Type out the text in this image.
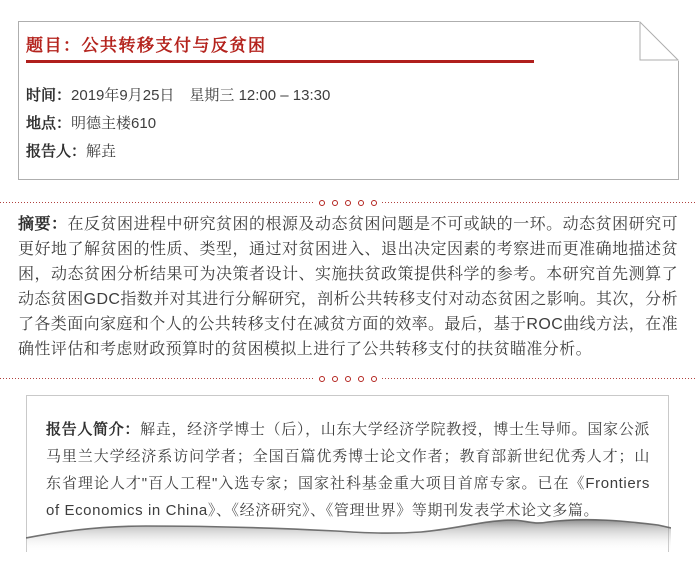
题目：公共转移支付与反贫困
时间：2019年9月25日　星期三 12:00 – 13:30
地点：明德主楼610
报告人：解垚

摘要：在反贫困进程中研究贫困的根源及动态贫困问题是不可或缺的一环。动态贫困研究可更好地了解贫困的性质、类型，通过对贫困进入、退出决定因素的考察进而更准确地描述贫困，动态贫困分析结果可为决策者设计、实施扶贫政策提供科学的参考。本研究首先测算了动态贫困GDC指数并对其进行分解研究，剖析公共转移支付对动态贫困之影响。其次，分析了各类面向家庭和个人的公共转移支付在减贫方面的效率。最后，基于ROC曲线方法，在准确性评估和考虑财政预算时的贫困模拟上进行了公共转移支付的扶贫瞄准分析。

报告人简介：解垚，经济学博士（后），山东大学经济学院教授，博士生导师。国家公派马里兰大学经济系访问学者；全国百篇优秀博士论文作者；教育部新世纪优秀人才；山东省理论人才"百人工程"入选专家；国家社科基金重大项目首席专家。已在《Frontiers of Economics in China》、《经济研究》、《管理世界》等期刊发表学术论文多篇。
